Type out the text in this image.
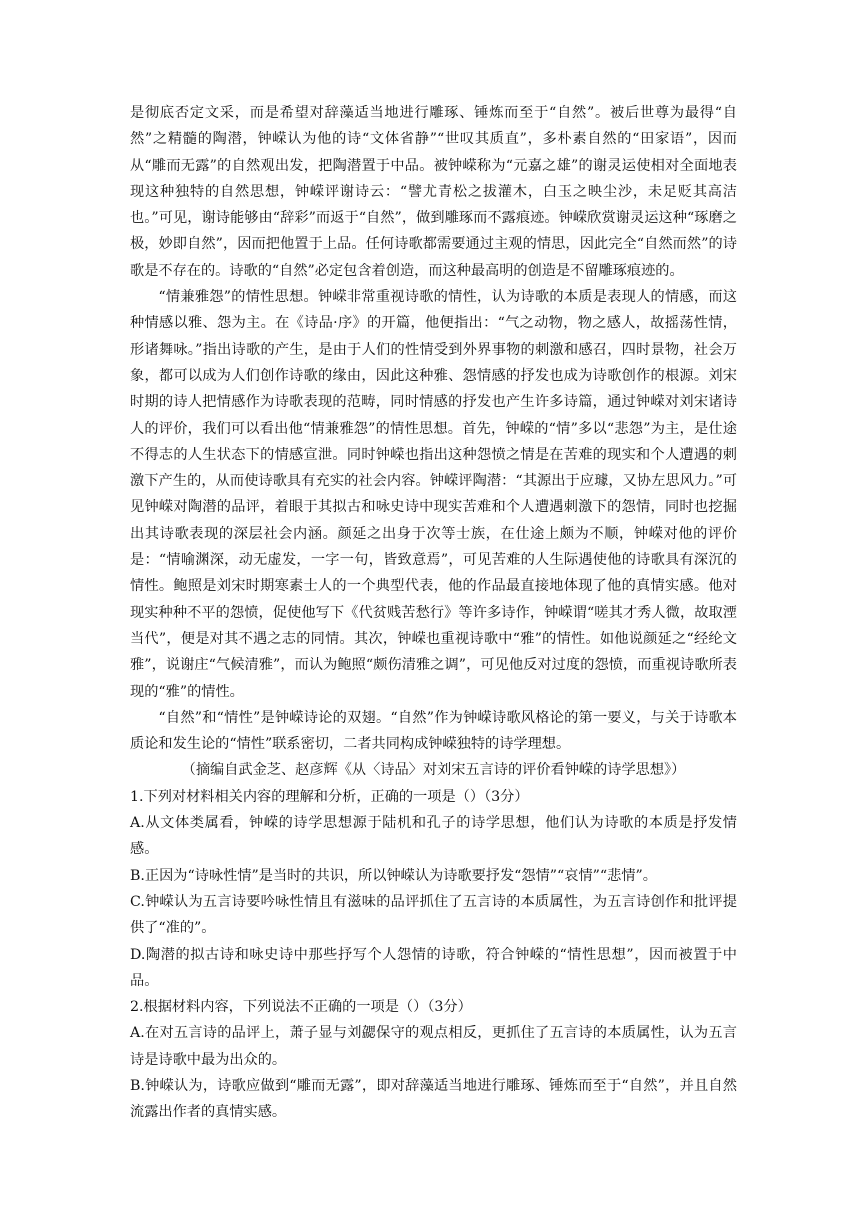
是彻底否定文采，而是希望对辞藻适当地进行雕琢、锤炼而至于“自然”。被后世尊为最得“自然”之精髓的陶潜，钟嵘认为他的诗“文体省静”“世叹其质直”，多朴素自然的“田家语”，因而从“雕而无露”的自然观出发，把陶潜置于中品。被钟嵘称为“元嘉之雄”的谢灵运使相对全面地表现这种独特的自然思想，钟嵘评谢诗云：“譬尤青松之拔灌木，白玉之映尘沙，未足贬其高洁也。”可见，谢诗能够由“辞彩”而返于“自然”，做到雕琢而不露痕迹。钟嵘欣赏谢灵运这种“琢磨之极，妙即自然”，因而把他置于上品。任何诗歌都需要通过主观的情思，因此完全“自然而然”的诗歌是不存在的。诗歌的“自然”必定包含着创造，而这种最高明的创造是不留雕琢痕迹的。

“情兼雅怨”的情性思想。钟嵘非常重视诗歌的情性，认为诗歌的本质是表现人的情感，而这种情感以雅、怨为主。在《诗品·序》的开篇，他便指出：“气之动物，物之感人，故摇荡性情，形诸舞咏。”指出诗歌的产生，是由于人们的性情受到外界事物的刺激和感召，四时景物，社会万象，都可以成为人们创作诗歌的缘由，因此这种雅、怨情感的抒发也成为诗歌创作的根源。刘宋时期的诗人把情感作为诗歌表现的范畴，同时情感的抒发也产生许多诗篇，通过钟嵘对刘宋诸诗人的评价，我们可以看出他“情兼雅怨”的情性思想。首先，钟嵘的“情”多以“悲怨”为主，是仕途不得志的人生状态下的情感宣泄。同时钟嵘也指出这种怨愤之情是在苦难的现实和个人遭遇的刺激下产生的，从而使诗歌具有充实的社会内容。钟嵘评陶潜：“其源出于应璩，又协左思风力。”可见钟嵘对陶潜的品评，着眼于其拟古和咏史诗中现实苦难和个人遭遇刺激下的怨情，同时也挖掘出其诗歌表现的深层社会内涵。颜延之出身于次等士族，在仕途上颇为不顺，钟嵘对他的评价是：“情喻渊深，动无虚发，一字一句，皆致意焉”，可见苦难的人生际遇使他的诗歌具有深沉的情性。鲍照是刘宋时期寒素士人的一个典型代表，他的作品最直接地体现了他的真情实感。他对现实种种不平的怨愤，促使他写下《代贫贱苦愁行》等许多诗作，钟嵘谓“嗟其才秀人微，故取湮当代”，便是对其不遇之志的同情。其次，钟嵘也重视诗歌中“雅”的情性。如他说颜延之“经纶文雅”，说谢庄“气候清雅”，而认为鲍照“颇伤清雅之调”，可见他反对过度的怨愤，而重视诗歌所表现的“雅”的情性。

“自然”和“情性”是钟嵘诗论的双翅。“自然”作为钟嵘诗歌风格论的第一要义，与关于诗歌本质论和发生论的“情性”联系密切，二者共同构成钟嵘独特的诗学理想。

（摘编自武金芝、赵彦辉《从〈诗品〉对刘宋五言诗的评价看钟嵘的诗学思想》）

1.下列对材料相关内容的理解和分析，正确的一项是（）（3分）

A.从文体类属看，钟嵘的诗学思想源于陆机和孔子的诗学思想，他们认为诗歌的本质是抒发情感。

B.正因为“诗咏性情”是当时的共识，所以钟嵘认为诗歌要抒发“怨情”“哀情”“悲情”。

C.钟嵘认为五言诗要吟咏性情且有滋味的品评抓住了五言诗的本质属性，为五言诗创作和批评提供了“准的”。

D.陶潜的拟古诗和咏史诗中那些抒写个人怨情的诗歌，符合钟嵘的“情性思想”，因而被置于中品。

2.根据材料内容，下列说法不正确的一项是（）（3分）

A.在对五言诗的品评上，萧子显与刘勰保守的观点相反，更抓住了五言诗的本质属性，认为五言诗是诗歌中最为出众的。

B.钟嵘认为，诗歌应做到“雕而无露”，即对辞藻适当地进行雕琢、锤炼而至于“自然”，并且自然流露出作者的真情实感。
